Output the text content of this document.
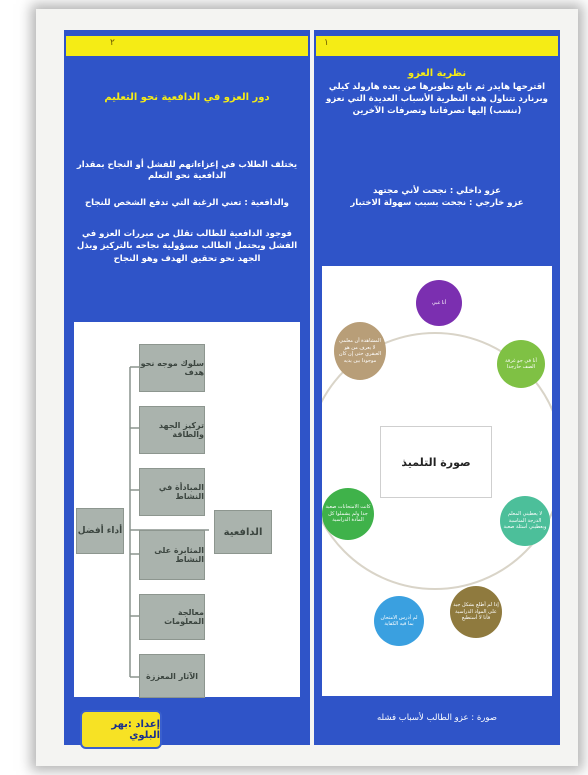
٢
دور العزو في الدافعية نحو التعليم
يختلف الطلاب في إعزاءاتهم للفشل أو النجاح بمقدار الدافعية نحو التعلم
والدافعية : تعني الرغبة التي تدفع الشخص للنجاح
فوجود الدافعية للطالب تقلل من مبررات العزو في الفشل ويحتمل الطالب مسؤولية نجاحه بالتركيز وبذل الجهد نحو تحقيق الهدف وهو النجاح
أداء أفضل
سلوك موجه نحو هدف
تركيز الجهد والطاقة
المبادأة في النشاط
المثابرة على النشاط
معالجة المعلومات
الآثار المعززة
الدافعية
١
نظرية العزو
اقترحها هايدر ثم تابع تطويرها من بعده هارولد كيلي وبرنارد تتناول هذه النظرية الأسباب العديدة التي نعزو (ننسب) إليها تصرفاتنا وتصرفات الآخرين
عزو داخلي : نجحت لأني مجتهد
عزو خارجي : نجحت بسبب سهولة الاختبار
صورة التلميذ
أنا غبي
أنا في جو غرفة الصف حارجدا
لا يعطيني المعلم الدرجة المناسبة ويعطيني أسئلة صعبة
إذا لم أطلع بشكل جيد على المواد الدراسية فأنا لا أستطيع
لم أدرس الامتحان بما فيه الكفاية
كانت الامتحانات صعبة جدا ولم يشملوا كل المادة الدراسية
المشاهدة أن معلمي لا يعرف من هو العبقري حتى إن كان موجودا بين يديه
صورة : عزو الطالب لأسباب فشله
إعداد :بهر البلوي
